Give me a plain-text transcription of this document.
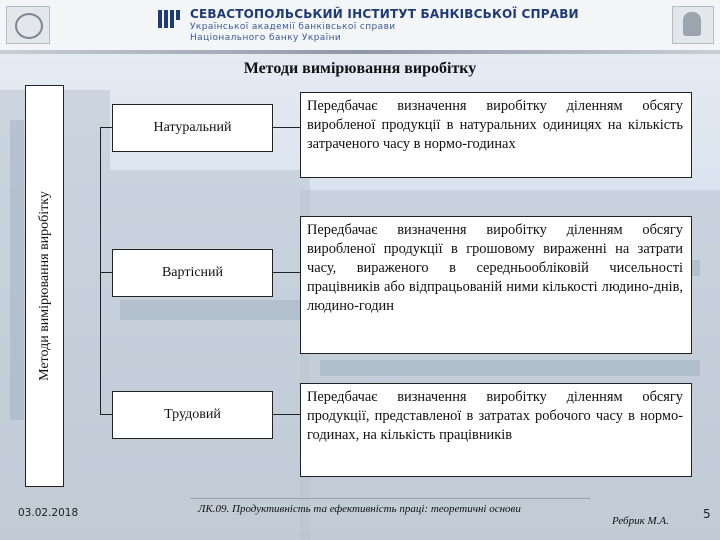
СЕВАСТОПОЛЬСЬКИЙ ІНСТИТУТ БАНКІВСЬКОЇ СПРАВИ
Української академії банківської справи
Національного банку України
Методи вимірювання виробітку
Методи вимірювання виробітку
Натуральний
Вартісний
Трудовий
Передбачає визначення виробітку діленням обсягу виробленої продукції в натуральних одиницях на кількість затраченого часу в нормо-годинах
Передбачає визначення виробітку діленням обсягу виробленої продукції в грошовому вираженні на затрати часу, вираженого в середньообліковій чисельності працівників або відпрацьованій ними кількості людино-днів, людино-годин
Передбачає визначення виробітку діленням обсягу продукції, представленої в затратах робочого часу в нормо-годинах, на кількість працівників
03.02.2018	ЛК.09. Продуктивність та ефективність праці: теоретичні основи
Ребрик М.А.	5
